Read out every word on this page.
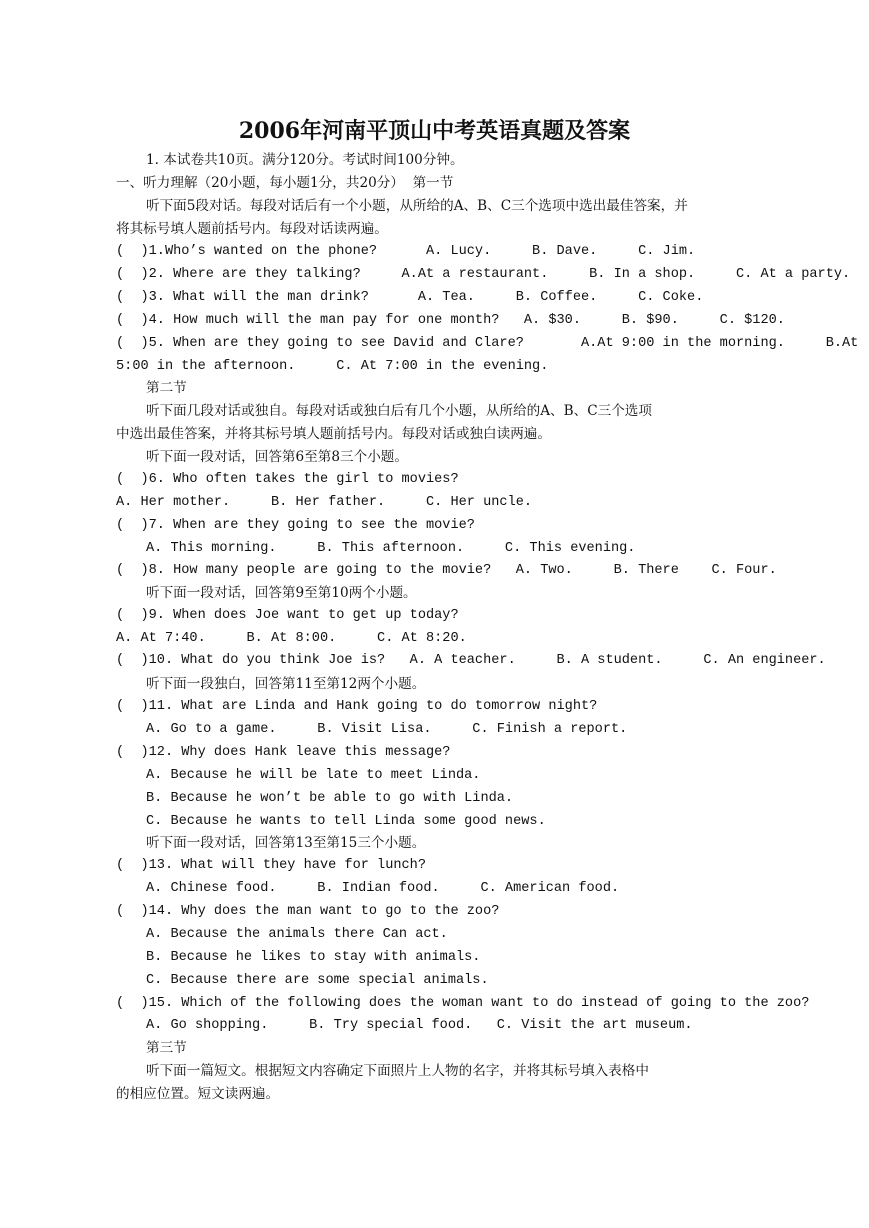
2006年河南平顶山中考英语真题及答案
1. 本试卷共10页。满分120分。考试时间100分钟。
一、听力理解（20小题，每小题1分，共20分）  第一节
听下面5段对话。每段对话后有一个小题，从所给的A、B、C三个选项中选出最佳答案，并
将其标号填人题前括号内。每段对话读两遍。
(  )1.Who’s wanted on the phone?      A. Lucy.     B. Dave.     C. Jim.
(  )2. Where are they talking?     A.At a restaurant.     B. In a shop.     C. At a party.
(  )3. What will the man drink?      A. Tea.     B. Coffee.     C. Coke.
(  )4. How much will the man pay for one month?   A. $30.     B. $90.     C. $120.
(  )5. When are they going to see David and Clare?       A.At 9:00 in the morning.     B.At
5:00 in the afternoon.     C. At 7:00 in the evening.
第二节
听下面几段对话或独自。每段对话或独白后有几个小题，从所给的A、B、C三个选项
中选出最佳答案，并将其标号填人题前括号内。每段对话或独白读两遍。
听下面一段对话，回答第6至第8三个小题。
(  )6. Who often takes the girl to movies?
A. Her mother.     B. Her father.     C. Her uncle.
(  )7. When are they going to see the movie?
A. This morning.     B. This afternoon.     C. This evening.
(  )8. How many people are going to the movie?   A. Two.     B. There    C. Four.
听下面一段对话，回答第9至第10两个小题。
(  )9. When does Joe want to get up today?
A. At 7:40.     B. At 8:00.     C. At 8:20.
(  )10. What do you think Joe is?   A. A teacher.     B. A student.     C. An engineer.
听下面一段独白，回答第11至第12两个小题。
(  )11. What are Linda and Hank going to do tomorrow night?
A. Go to a game.     B. Visit Lisa.     C. Finish a report.
(  )12. Why does Hank leave this message?
A. Because he will be late to meet Linda.
B. Because he won’t be able to go with Linda.
C. Because he wants to tell Linda some good news.
听下面一段对话，回答第13至第15三个小题。
(  )13. What will they have for lunch?
A. Chinese food.     B. Indian food.     C. American food.
(  )14. Why does the man want to go to the zoo?
A. Because the animals there Can act.
B. Because he likes to stay with animals.
C. Because there are some special animals.
(  )15. Which of the following does the woman want to do instead of going to the zoo?
A. Go shopping.     B. Try special food.   C. Visit the art museum.
第三节
听下面一篇短文。根据短文内容确定下面照片上人物的名字，并将其标号填入表格中
的相应位置。短文读两遍。
